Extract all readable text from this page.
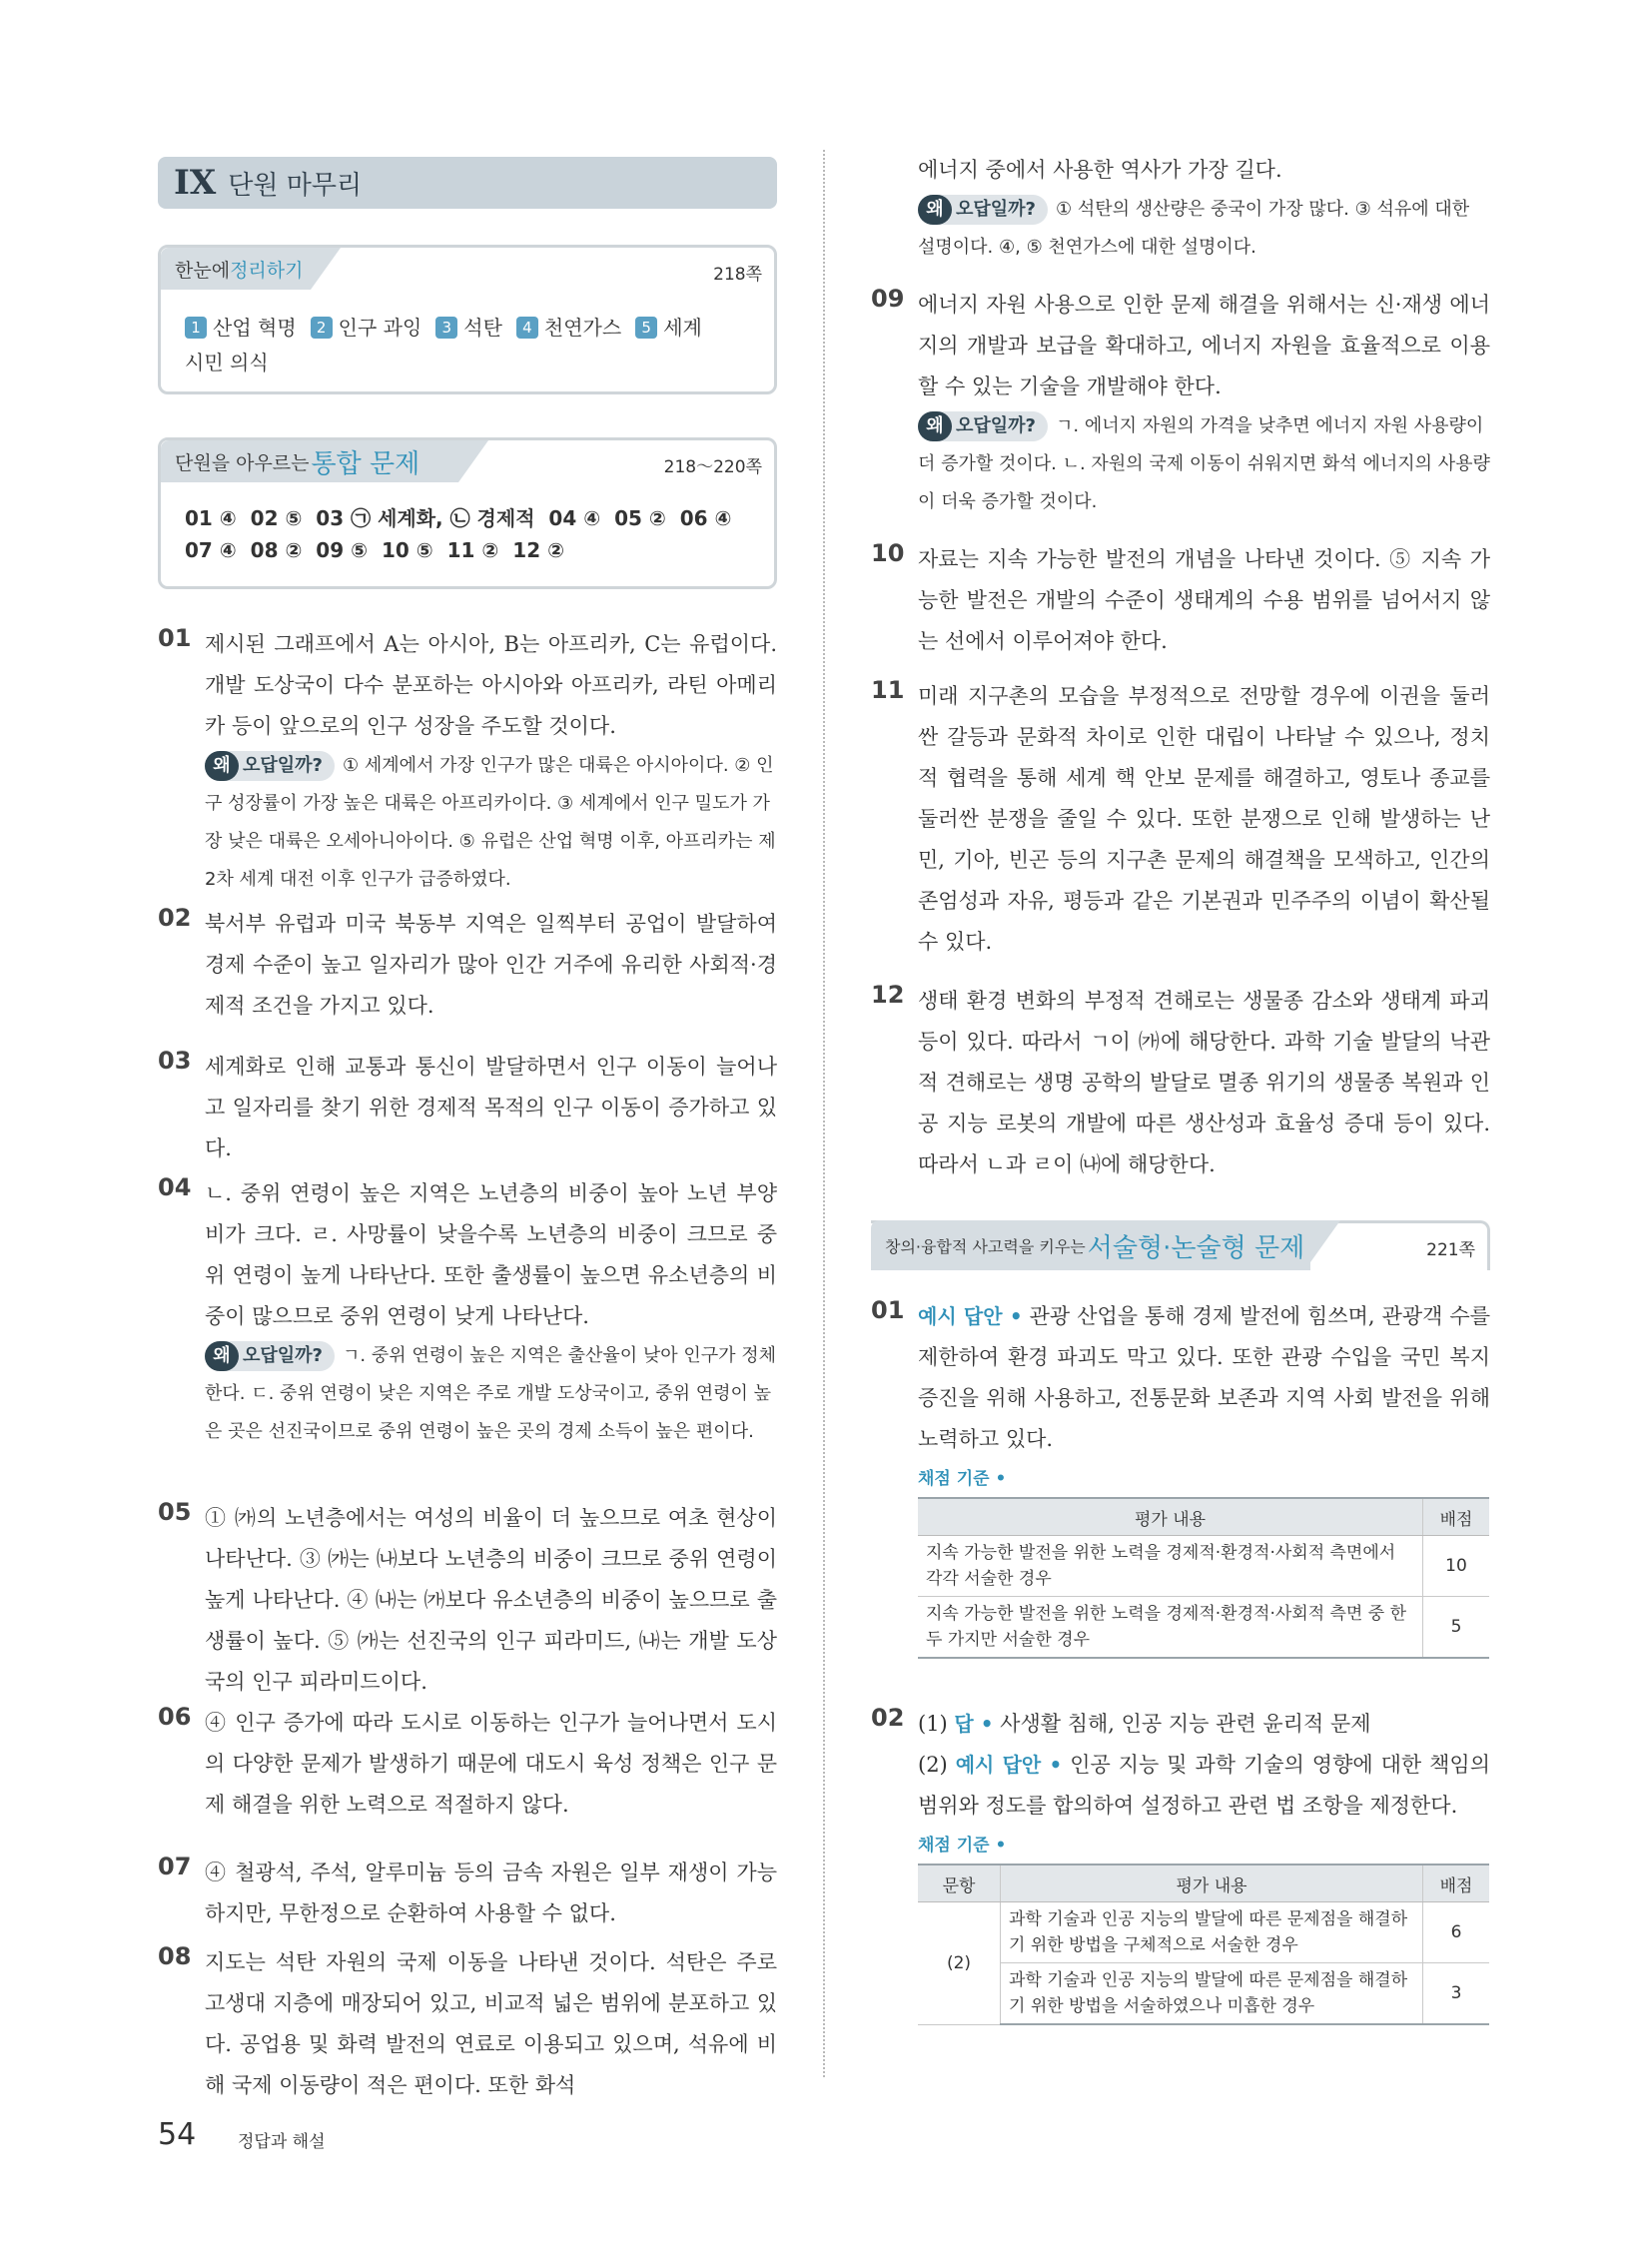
IX 단원 마무리
한눈에 정리하기	218쪽
1 산업 혁명 2 인구 과잉 3 석탄 4 천연가스 5 세계
시민 의식
단원을 아우르는 통합 문제	218～220쪽
01 ④  02 ⑤  03 ㉠ 세계화, ㉡ 경제적  04 ④  05 ②  06 ④
07 ④  08 ②  09 ⑤  10 ⑤  11 ②  12 ②
01 제시된 그래프에서 A는 아시아, B는 아프리카, C는 유럽이다. 개발 도상국이 다수 분포하는 아시아와 아프리카, 라틴 아메리카 등이 앞으로의 인구 성장을 주도할 것이다.
왜 오답일까? ① 세계에서 가장 인구가 많은 대륙은 아시아이다. ② 인구 성장률이 가장 높은 대륙은 아프리카이다. ③ 세계에서 인구 밀도가 가장 낮은 대륙은 오세아니아이다. ⑤ 유럽은 산업 혁명 이후, 아프리카는 제2차 세계 대전 이후 인구가 급증하였다.
02 북서부 유럽과 미국 북동부 지역은 일찍부터 공업이 발달하여 경제 수준이 높고 일자리가 많아 인간 거주에 유리한 사회적·경제적 조건을 가지고 있다.
03 세계화로 인해 교통과 통신이 발달하면서 인구 이동이 늘어나고 일자리를 찾기 위한 경제적 목적의 인구 이동이 증가하고 있다.
04 ㄴ. 중위 연령이 높은 지역은 노년층의 비중이 높아 노년 부양비가 크다. ㄹ. 사망률이 낮을수록 노년층의 비중이 크므로 중위 연령이 높게 나타난다. 또한 출생률이 높으면 유소년층의 비중이 많으므로 중위 연령이 낮게 나타난다.
왜 오답일까? ㄱ. 중위 연령이 높은 지역은 출산율이 낮아 인구가 정체한다. ㄷ. 중위 연령이 낮은 지역은 주로 개발 도상국이고, 중위 연령이 높은 곳은 선진국이므로 중위 연령이 높은 곳의 경제 소득이 높은 편이다.
05 ① ㈎의 노년층에서는 여성의 비율이 더 높으므로 여초 현상이 나타난다. ③ ㈎는 ㈏보다 노년층의 비중이 크므로 중위 연령이 높게 나타난다. ④ ㈏는 ㈎보다 유소년층의 비중이 높으므로 출생률이 높다. ⑤ ㈎는 선진국의 인구 피라미드, ㈏는 개발 도상국의 인구 피라미드이다.
06 ④ 인구 증가에 따라 도시로 이동하는 인구가 늘어나면서 도시의 다양한 문제가 발생하기 때문에 대도시 육성 정책은 인구 문제 해결을 위한 노력으로 적절하지 않다.
07 ④ 철광석, 주석, 알루미늄 등의 금속 자원은 일부 재생이 가능하지만, 무한정으로 순환하여 사용할 수 없다.
08 지도는 석탄 자원의 국제 이동을 나타낸 것이다. 석탄은 주로 고생대 지층에 매장되어 있고, 비교적 넓은 범위에 분포하고 있다. 공업용 및 화력 발전의 연료로 이용되고 있으며, 석유에 비해 국제 이동량이 적은 편이다. 또한 화석
54 정답과 해설
에너지 중에서 사용한 역사가 가장 길다.
왜 오답일까? ① 석탄의 생산량은 중국이 가장 많다. ③ 석유에 대한 설명이다. ④, ⑤ 천연가스에 대한 설명이다.
09 에너지 자원 사용으로 인한 문제 해결을 위해서는 신·재생 에너지의 개발과 보급을 확대하고, 에너지 자원을 효율적으로 이용할 수 있는 기술을 개발해야 한다.
왜 오답일까? ㄱ. 에너지 자원의 가격을 낮추면 에너지 자원 사용량이 더 증가할 것이다. ㄴ. 자원의 국제 이동이 쉬워지면 화석 에너지의 사용량이 더욱 증가할 것이다.
10 자료는 지속 가능한 발전의 개념을 나타낸 것이다. ⑤ 지속 가능한 발전은 개발의 수준이 생태계의 수용 범위를 넘어서지 않는 선에서 이루어져야 한다.
11 미래 지구촌의 모습을 부정적으로 전망할 경우에 이권을 둘러싼 갈등과 문화적 차이로 인한 대립이 나타날 수 있으나, 정치적 협력을 통해 세계 핵 안보 문제를 해결하고, 영토나 종교를 둘러싼 분쟁을 줄일 수 있다. 또한 분쟁으로 인해 발생하는 난민, 기아, 빈곤 등의 지구촌 문제의 해결책을 모색하고, 인간의 존엄성과 자유, 평등과 같은 기본권과 민주주의 이념이 확산될 수 있다.
12 생태 환경 변화의 부정적 견해로는 생물종 감소와 생태계 파괴 등이 있다. 따라서 ㄱ이 ㈎에 해당한다. 과학 기술 발달의 낙관적 견해로는 생명 공학의 발달로 멸종 위기의 생물종 복원과 인공 지능 로봇의 개발에 따른 생산성과 효율성 증대 등이 있다. 따라서 ㄴ과 ㄹ이 ㈏에 해당한다.
창의·융합적 사고력을 키우는 서술형·논술형 문제	221쪽
01 예시 답안 • 관광 산업을 통해 경제 발전에 힘쓰며, 관광객 수를 제한하여 환경 파괴도 막고 있다. 또한 관광 수입을 국민 복지 증진을 위해 사용하고, 전통문화 보존과 지역 사회 발전을 위해 노력하고 있다.
채점 기준 •
평가 내용	배점
지속 가능한 발전을 위한 노력을 경제적·환경적·사회적 측면에서 각각 서술한 경우	10
지속 가능한 발전을 위한 노력을 경제적·환경적·사회적 측면 중 한두 가지만 서술한 경우	5
02 (1) 답 • 사생활 침해, 인공 지능 관련 윤리적 문제
(2) 예시 답안 • 인공 지능 및 과학 기술의 영향에 대한 책임의 범위와 정도를 합의하여 설정하고 관련 법 조항을 제정한다.
채점 기준 •
문항	평가 내용	배점
(2)	과학 기술과 인공 지능의 발달에 따른 문제점을 해결하기 위한 방법을 구체적으로 서술한 경우	6
	과학 기술과 인공 지능의 발달에 따른 문제점을 해결하기 위한 방법을 서술하였으나 미흡한 경우	3
